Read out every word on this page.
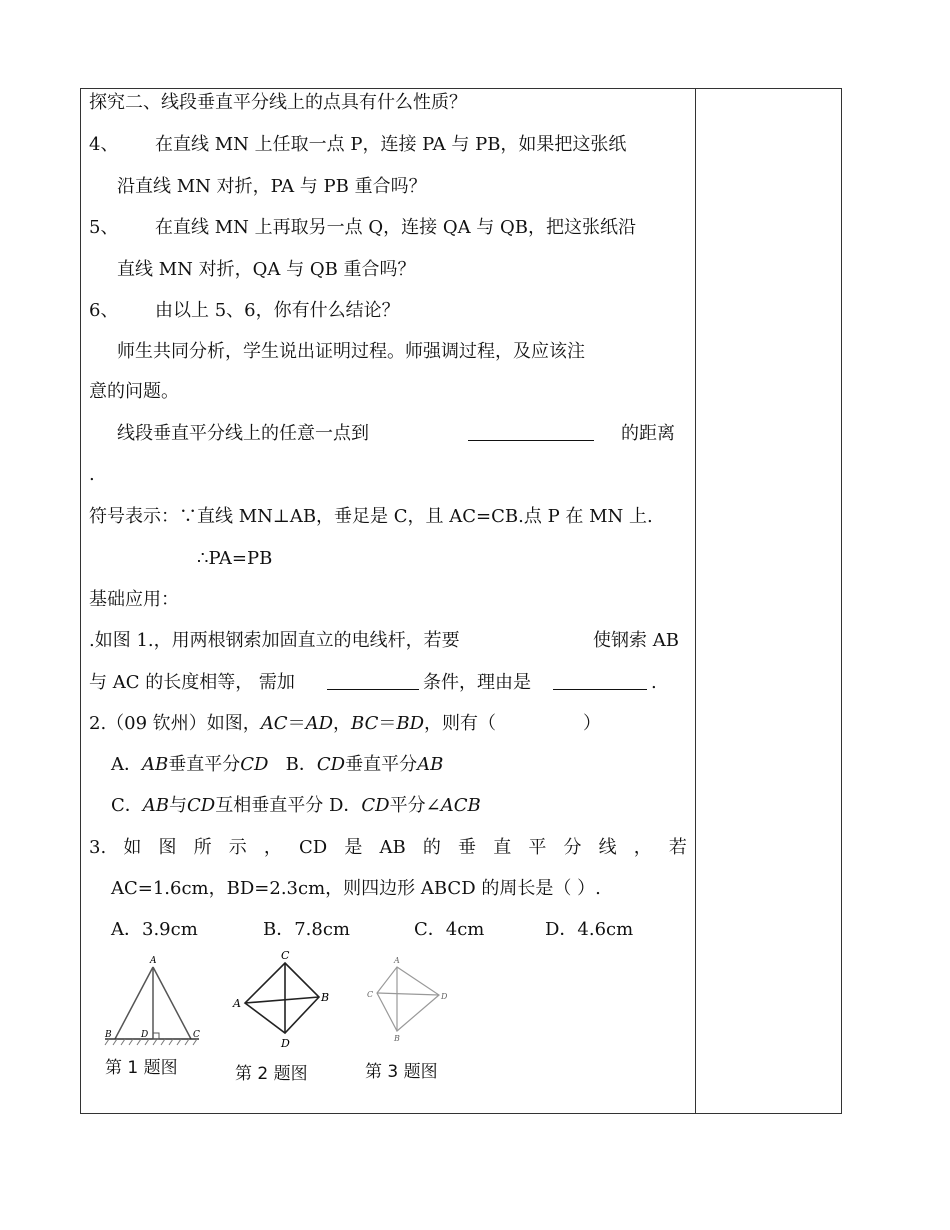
探究二、线段垂直平分线上的点具有什么性质？
4、 在直线 MN 上任取一点 P，连接 PA 与 PB，如果把这张纸
沿直线 MN 对折，PA 与 PB 重合吗？
5、 在直线 MN 上再取另一点 Q，连接 QA 与 QB，把这张纸沿
直线 MN 对折，QA 与 QB 重合吗？
6、 由以上 5、6，你有什么结论？
师生共同分析，学生说出证明过程。师强调过程，及应该注
意的问题。
线段垂直平分线上的任意一点到	的距离
.
符号表示：∵直线 MN⊥AB，垂足是 C，且 AC=CB.点 P 在 MN 上.
∴PA=PB
基础应用：
.如图 1.，用两根钢索加固直立的电线杆，若要	使钢索 AB
与 AC 的长度相等， 需加	条件，理由是	.
2.（09 钦州）如图，AC＝AD，BC＝BD，则有（	）
A．AB垂直平分CD B．CD垂直平分AB
C．AB与CD互相垂直平分 D．CD平分∠ACB
3. 如 图 所 示 ， CD 是 AB 的 垂 直 平 分 线 ， 若
AC=1.6cm，BD=2.3cm，则四边形 ABCD 的周长是（ ）.
A．3.9cm	B．7.8cm	C．4cm	D．4.6cm
A
B	D	C
第 1 题图
C
A	B
D
第 2 题图
A
C	D
B
第 3 题图
